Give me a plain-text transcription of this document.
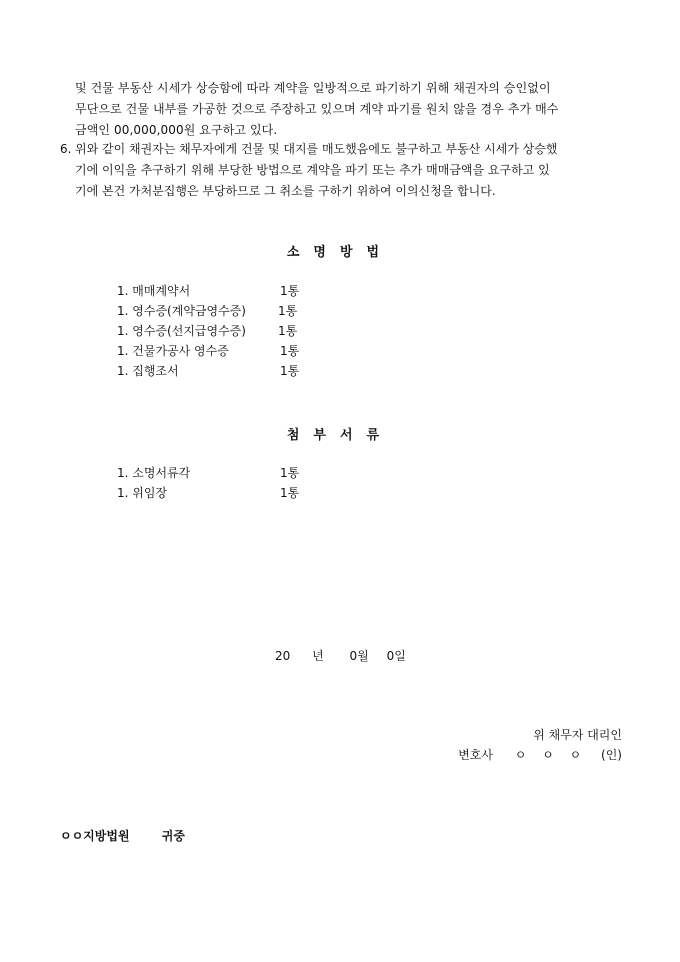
및 건물 부동산 시세가 상승함에 따라 계약을 일방적으로 파기하기 위해 채권자의 승인없이
무단으로 건물 내부를 가공한 것으로 주장하고 있으며 계약 파기를 원치 않을 경우 추가 매수
금액인 00,000,000원 요구하고 있다.
6. 위와 같이 채권자는 채무자에게 건물 및 대지를 매도했음에도 불구하고 부동산 시세가 상승했
기에 이익을 추구하기 위해 부당한 방법으로 계약을 파기 또는 추가 매매금액을 요구하고 있
기에 본건 가처분집행은 부당하므로 그 취소를 구하기 위하여 이의신청을 합니다.
소명방법
1. 매매계약서	1통
1. 영수증(계약금영수증)	1통
1. 영수증(선지급영수증)	1통
1. 건물가공사 영수증	1통
1. 집행조서	1통
첨부서류
1. 소명서류각	1통
1. 위임장	1통
20 년 0월 0일
위 채무자 대리인
변호사 ㅇ ㅇ ㅇ (인)
ㅇㅇ지방법원	귀중
